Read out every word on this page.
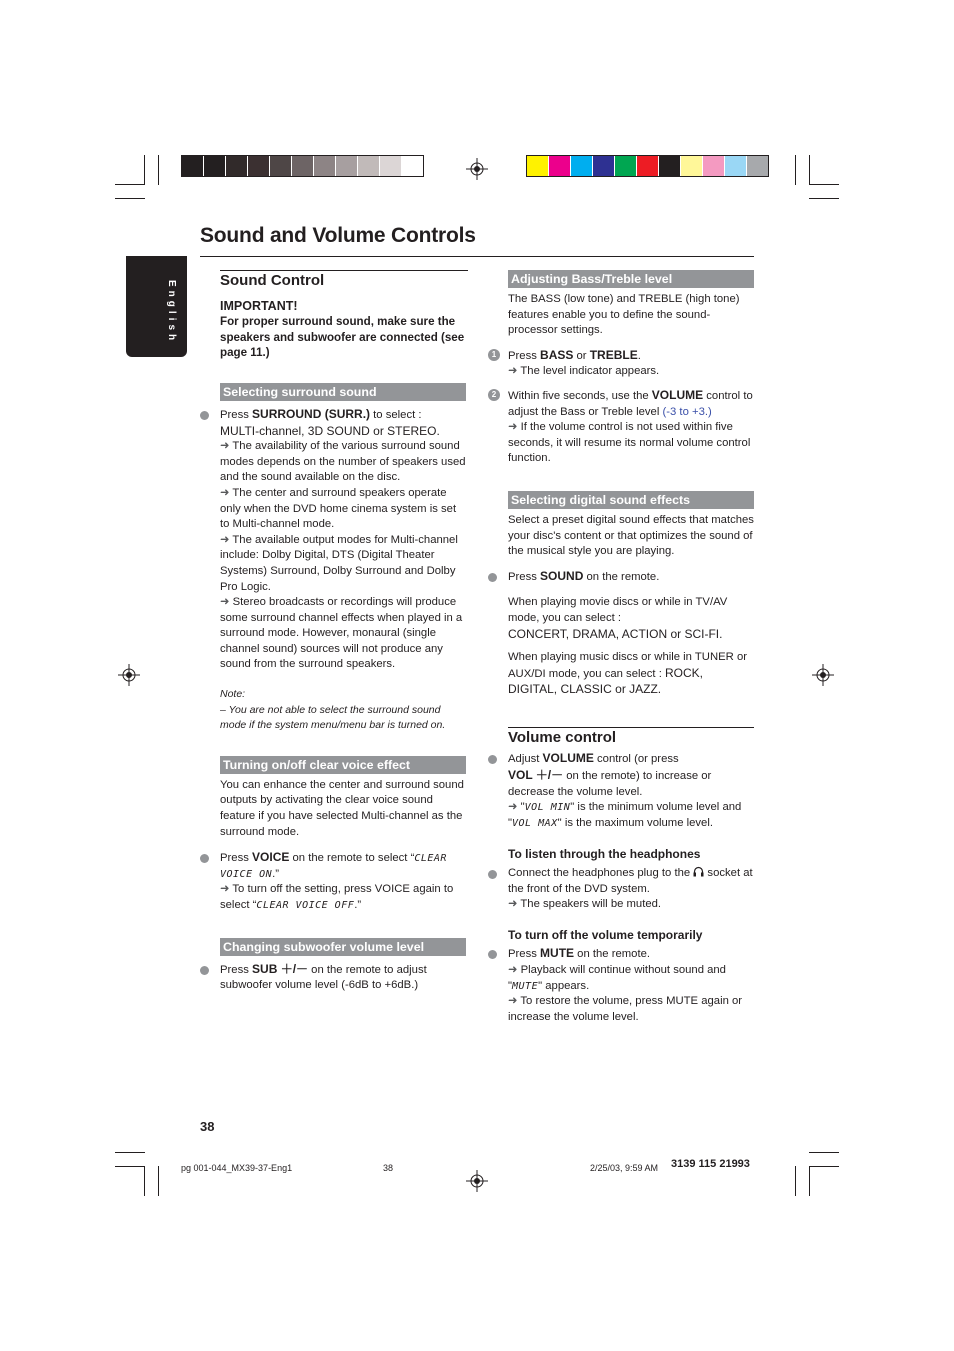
English
Sound and Volume Controls

Sound Control

IMPORTANT!

For proper surround sound, make sure the speakers and subwoofer are connected (see page 11.)

Selecting surround sound

Press SURROUND (SURR.) to select :

MULTI-channel, 3D SOUND or STEREO.

➜ The availability of the various surround sound modes depends on the number of speakers used and the sound available on the disc.

➜ The center and surround speakers operate only when the DVD home cinema system is set to Multi-channel mode.

➜ The available output modes for Multi-channel include: Dolby Digital, DTS (Digital Theater Systems) Surround, Dolby Surround and Dolby Pro Logic.

➜ Stereo broadcasts or recordings will produce some surround channel effects when played in a surround mode. However, monaural (single channel sound) sources will not produce any sound from the surround speakers.

Note:

– You are not able to select the surround sound mode if the system menu/menu bar is turned on.

Turning on/off clear voice effect

You can enhance the center and surround sound outputs by activating the clear voice sound feature if you have selected Multi-channel as the surround mode.

Press VOICE on the remote to select “CLEAR VOICE ON.”

➜ To turn off the setting, press VOICE again to select “CLEAR VOICE OFF.”

Changing subwoofer volume level

Press SUB ＋/－ on the remote to adjust subwoofer volume level (-6dB to +6dB.)

Adjusting Bass/Treble level

The BASS (low tone) and TREBLE (high tone) features enable you to define the sound-processor settings.

1	Press BASS or TREBLE.

➜ The level indicator appears.

2	Within five seconds, use the VOLUME control to adjust the Bass or Treble level (-3 to +3.)

➜ If the volume control is not used within five seconds, it will resume its normal volume control function.

Selecting digital sound effects

Select a preset digital sound effects that matches your disc's content or that optimizes the sound of the musical style you are playing.

Press SOUND on the remote.

When playing movie discs or while in TV/AV mode, you can select :

CONCERT, DRAMA, ACTION or SCI-FI.

When playing music discs or while in TUNER or AUX/DI mode, you can select : ROCK,

DIGITAL, CLASSIC or JAZZ.

Volume control

Adjust VOLUME control (or press

VOL ＋/－ on the remote) to increase or decrease the volume level.

➜ "VOL MIN" is the minimum volume level and

"VOL MAX" is the maximum volume level.

To listen through the headphones

Connect the headphones plug to the  socket at the front of the DVD system.

➜ The speakers will be muted.

To turn off the volume temporarily

Press MUTE on the remote.

➜ Playback will continue without sound and

"MUTE" appears.

➜ To restore the volume, press MUTE again or increase the volume level.

38
pg 001-044_MX39-37-Eng1	38	2/25/03, 9:59 AM 3139 115 21993
